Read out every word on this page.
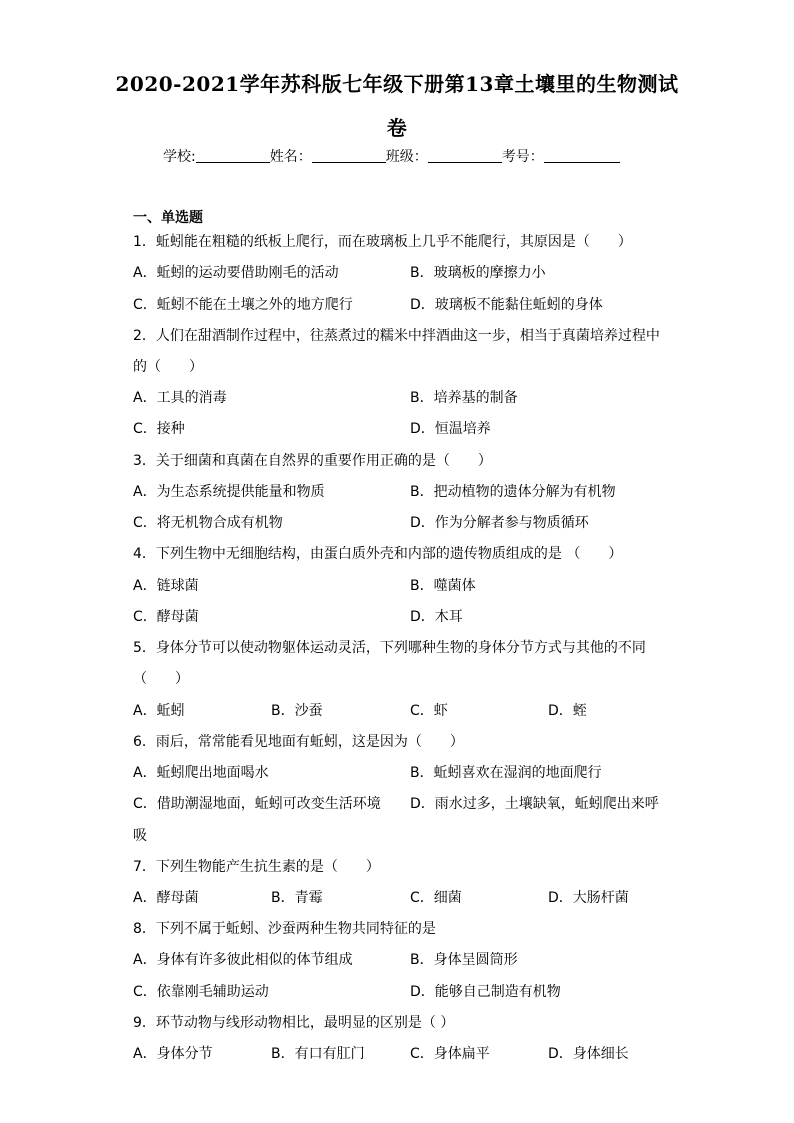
2020-2021学年苏科版七年级下册第13章土壤里的生物测试
卷
学校:	姓名：	班级：	考号：
一、单选题
1．蚯蚓能在粗糙的纸板上爬行，而在玻璃板上几乎不能爬行，其原因是（　　）
A．蚯蚓的运动要借助刚毛的活动	B．玻璃板的摩擦力小
C．蚯蚓不能在土壤之外的地方爬行	D．玻璃板不能黏住蚯蚓的身体
2．人们在甜酒制作过程中，往蒸煮过的糯米中拌酒曲这一步，相当于真菌培养过程中
的（　　）
A．工具的消毒	B．培养基的制备
C．接种	D．恒温培养
3．关于细菌和真菌在自然界的重要作用正确的是（　　）
A．为生态系统提供能量和物质	B．把动植物的遗体分解为有机物
C．将无机物合成有机物	D．作为分解者参与物质循环
4．下列生物中无细胞结构，由蛋白质外壳和内部的遗传物质组成的是 （　　）
A．链球菌	B．噬菌体
C．酵母菌	D．木耳
5．身体分节可以使动物躯体运动灵活，下列哪种生物的身体分节方式与其他的不同
（　　）
A．蚯蚓	B．沙蚕	C．虾	D．蛭
6．雨后，常常能看见地面有蚯蚓，这是因为（　　）
A．蚯蚓爬出地面喝水	B．蚯蚓喜欢在湿润的地面爬行
C．借助潮湿地面，蚯蚓可改变生活环境 D．雨水过多，土壤缺氧，蚯蚓爬出来呼
吸
7．下列生物能产生抗生素的是（　　）
A．酵母菌	B．青霉	C．细菌	D．大肠杆菌
8．下列不属于蚯蚓、沙蚕两种生物共同特征的是
A．身体有许多彼此相似的体节组成	B．身体呈圆筒形
C．依靠刚毛辅助运动	D．能够自己制造有机物
9．环节动物与线形动物相比，最明显的区别是（ ）
A．身体分节	B．有口有肛门	C．身体扁平	D．身体细长
